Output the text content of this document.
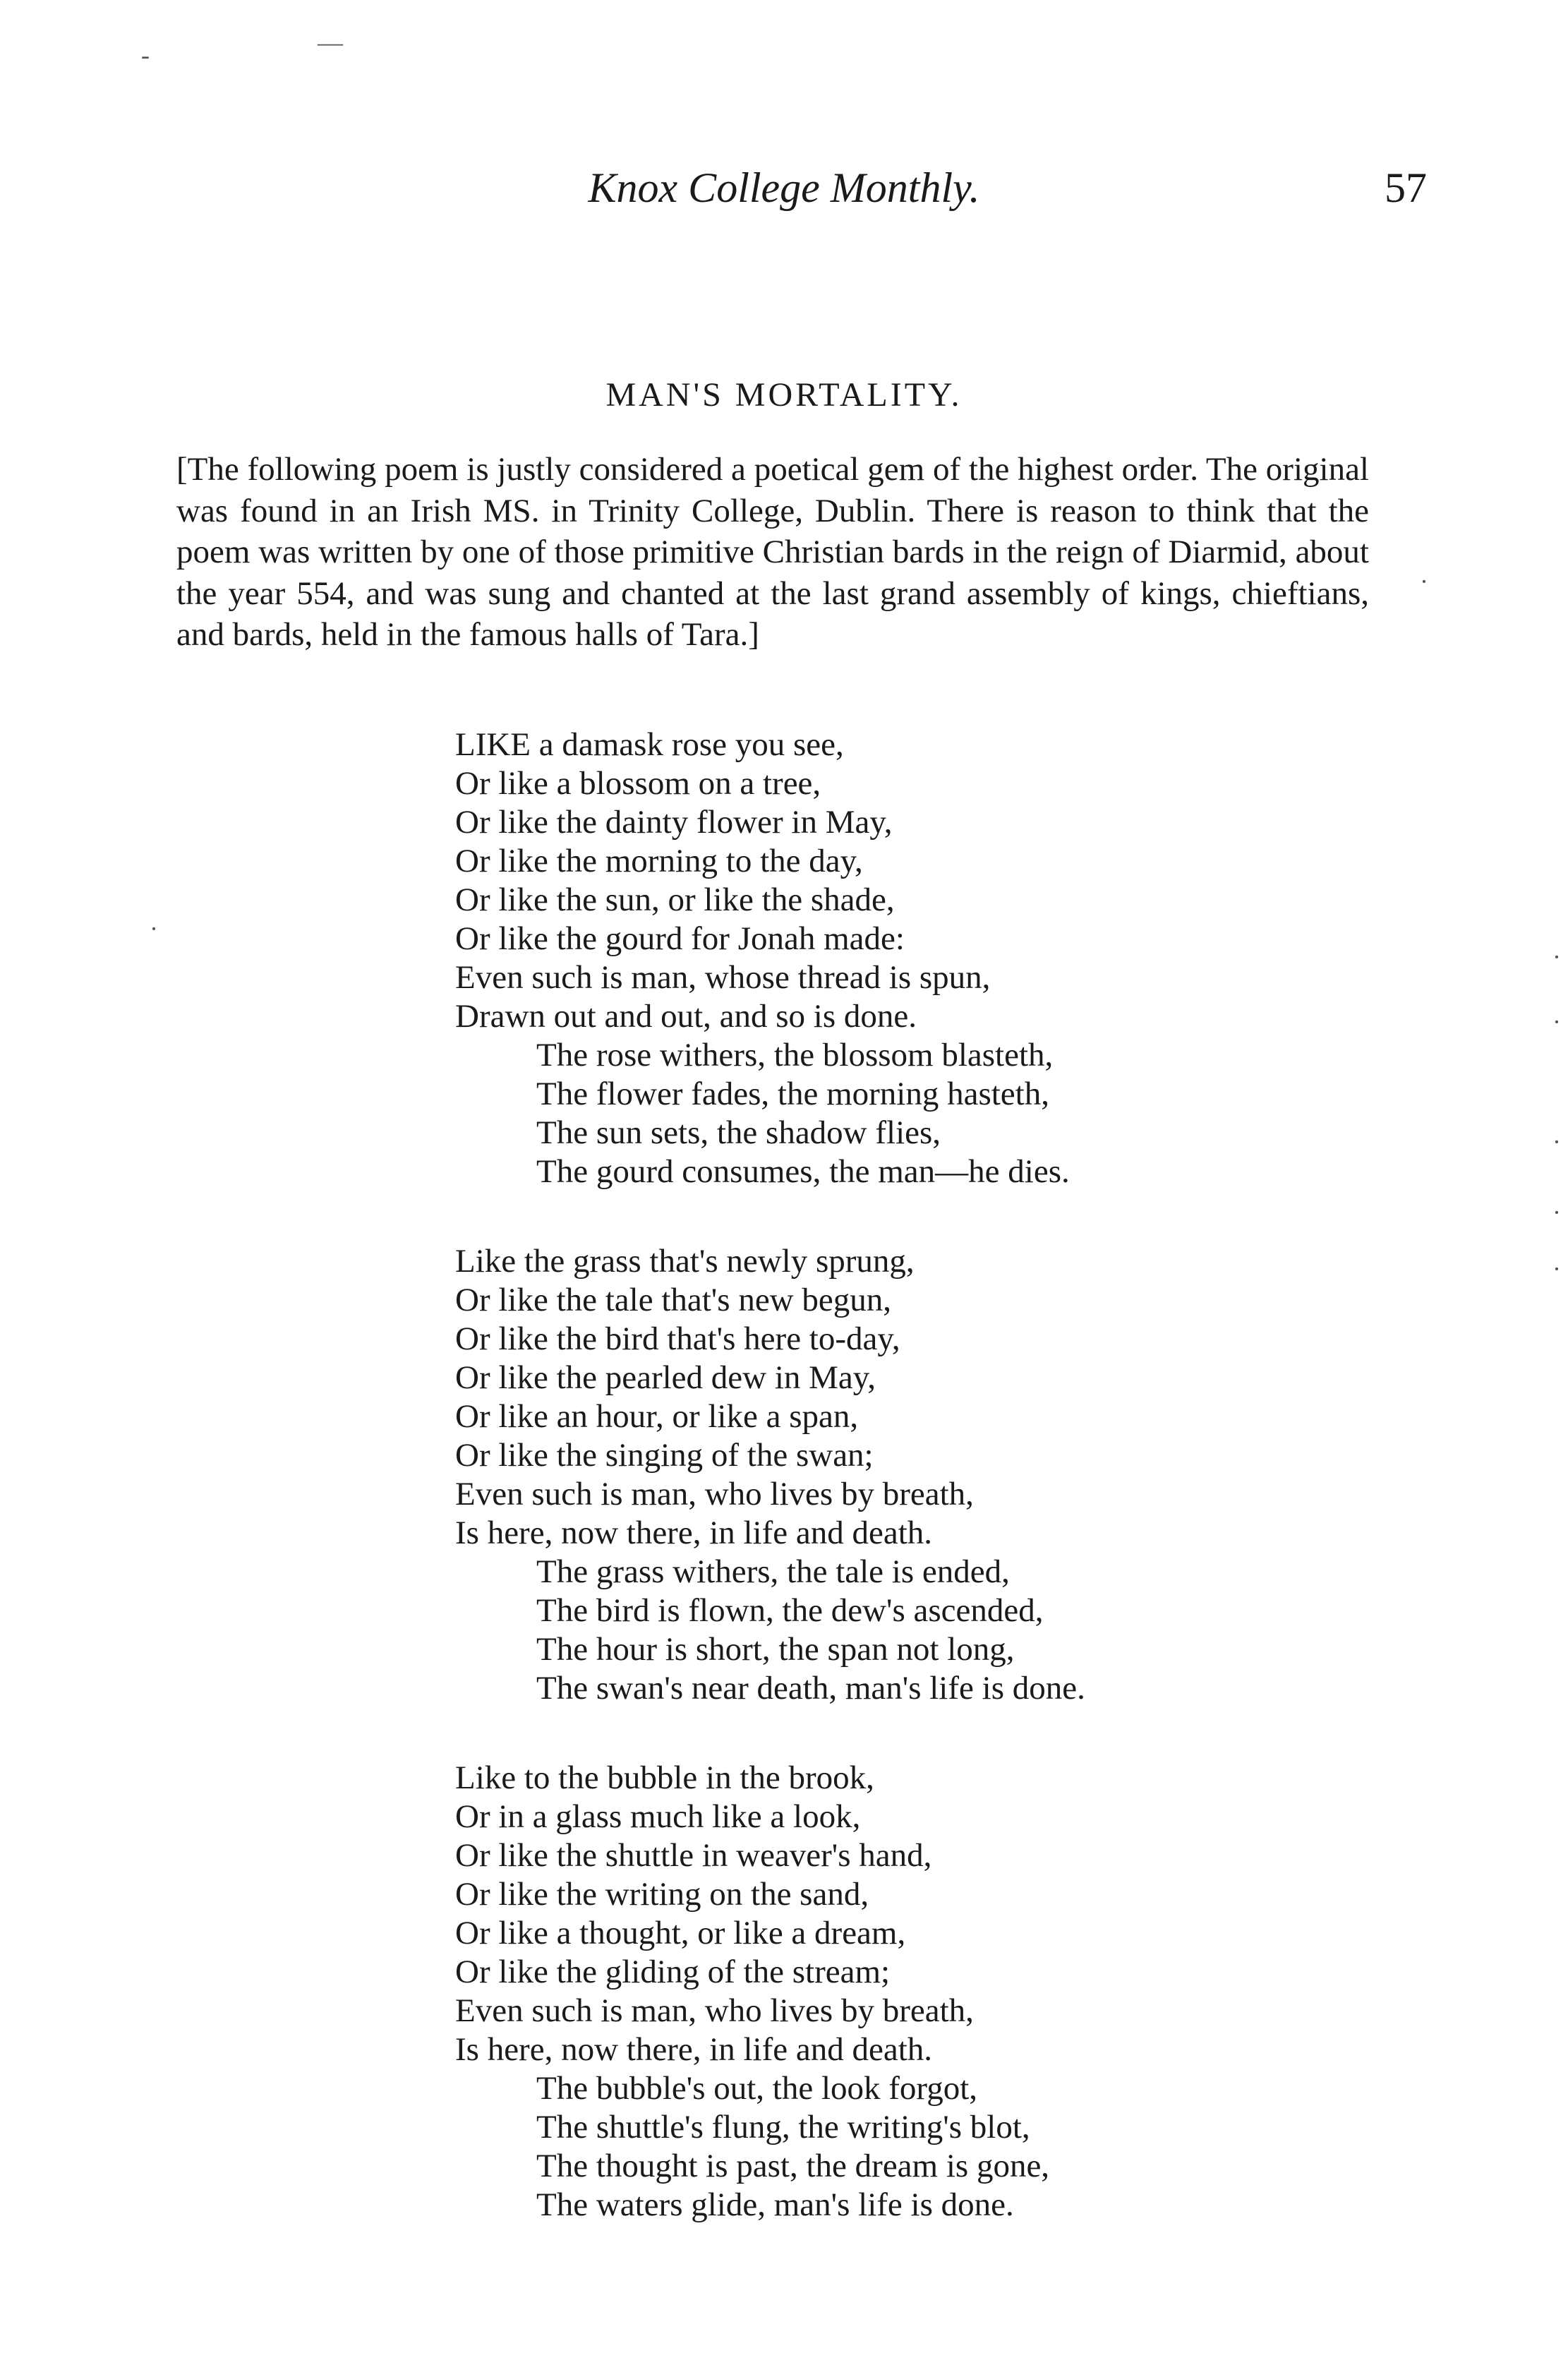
Knox College Monthly.	57
MAN'S MORTALITY.

[The following poem is justly considered a poetical gem of the highest order. The original was found in an Irish MS. in Trinity College, Dublin. There is reason to think that the poem was written by one of those primitive Christian bards in the reign of Diarmid, about the year 554, and was sung and chanted at the last grand assembly of kings, chieftians, and bards, held in the famous halls of Tara.]

LIKE a damask rose you see,
Or like a blossom on a tree,
Or like the dainty flower in May,
Or like the morning to the day,
Or like the sun, or like the shade,
Or like the gourd for Jonah made:
Even such is man, whose thread is spun,
Drawn out and out, and so is done.
The rose withers, the blossom blasteth,
The flower fades, the morning hasteth,
The sun sets, the shadow flies,
The gourd consumes, the man—he dies.
Like the grass that's newly sprung,
Or like the tale that's new begun,
Or like the bird that's here to-day,
Or like the pearled dew in May,
Or like an hour, or like a span,
Or like the singing of the swan;
Even such is man, who lives by breath,
Is here, now there, in life and death.
The grass withers, the tale is ended,
The bird is flown, the dew's ascended,
The hour is short, the span not long,
The swan's near death, man's life is done.
Like to the bubble in the brook,
Or in a glass much like a look,
Or like the shuttle in weaver's hand,
Or like the writing on the sand,
Or like a thought, or like a dream,
Or like the gliding of the stream;
Even such is man, who lives by breath,
Is here, now there, in life and death.
The bubble's out, the look forgot,
The shuttle's flung, the writing's blot,
The thought is past, the dream is gone,
The waters glide, man's life is done.
-	—
·
·
·
·
·
·
·
